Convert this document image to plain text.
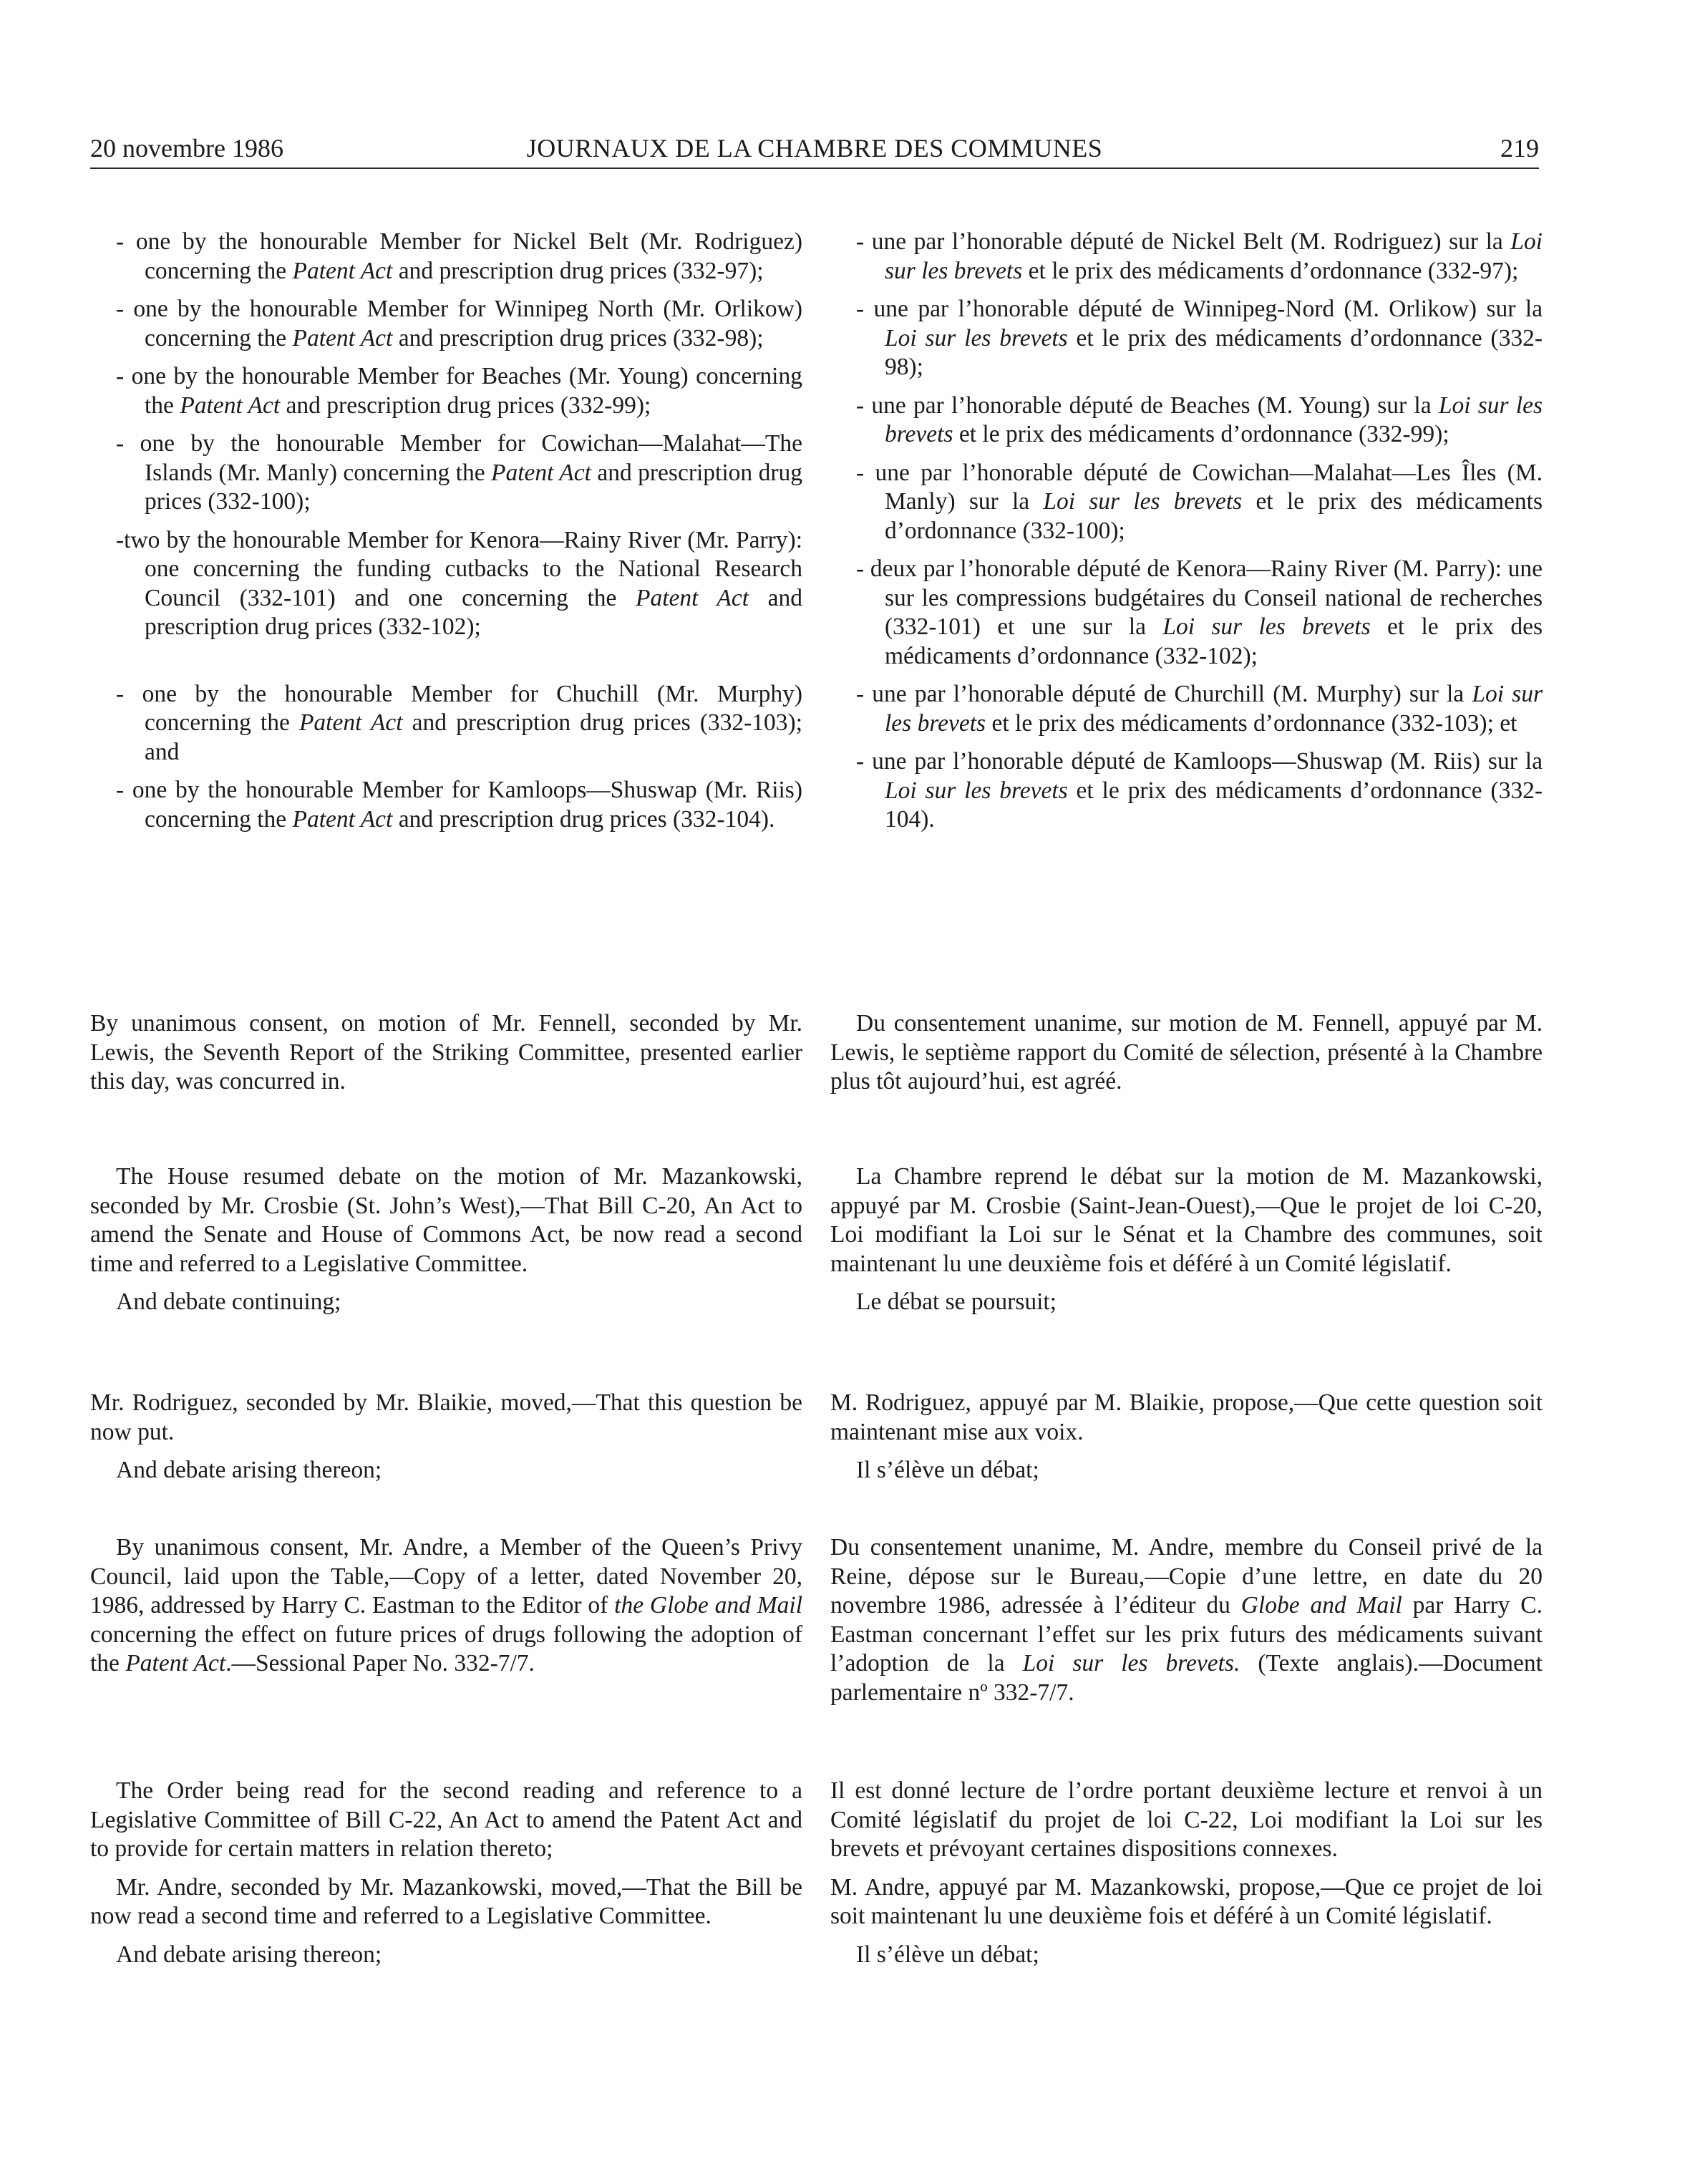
20 novembre 1986	JOURNAUX DE LA CHAMBRE DES COMMUNES	219

- one by the honourable Member for Nickel Belt (Mr. Rodriguez) concerning the Patent Act and prescription drug prices (332-97);

- one by the honourable Member for Winnipeg North (Mr. Orlikow) concerning the Patent Act and prescription drug prices (332-98);

- one by the honourable Member for Beaches (Mr. Young) concerning the Patent Act and prescription drug prices (332-99);

- one by the honourable Member for Cowichan—Malahat—The Islands (Mr. Manly) concerning the Patent Act and prescription drug prices (332-100);

-two by the honourable Member for Kenora—Rainy River (Mr. Parry): one concerning the funding cutbacks to the National Research Council (332-101) and one concerning the Patent Act and prescription drug prices (332-102);

- one by the honourable Member for Chuchill (Mr. Murphy) concerning the Patent Act and prescription drug prices (332-103); and

- one by the honourable Member for Kamloops—Shuswap (Mr. Riis) concerning the Patent Act and prescription drug prices (332-104).

By unanimous consent, on motion of Mr. Fennell, seconded by Mr. Lewis, the Seventh Report of the Striking Committee, presented earlier this day, was concurred in.

The House resumed debate on the motion of Mr. Mazankowski, seconded by Mr. Crosbie (St. John’s West),—That Bill C-20, An Act to amend the Senate and House of Commons Act, be now read a second time and referred to a Legislative Committee.

And debate continuing;

Mr. Rodriguez, seconded by Mr. Blaikie, moved,—That this question be now put.

And debate arising thereon;

By unanimous consent, Mr. Andre, a Member of the Queen’s Privy Council, laid upon the Table,—Copy of a letter, dated November 20, 1986, addressed by Harry C. Eastman to the Editor of the Globe and Mail concerning the effect on future prices of drugs following the adoption of the Patent Act.—Sessional Paper No. 332-7/7.

The Order being read for the second reading and reference to a Legislative Committee of Bill C-22, An Act to amend the Patent Act and to provide for certain matters in relation thereto;

Mr. Andre, seconded by Mr. Mazankowski, moved,—That the Bill be now read a second time and referred to a Legislative Committee.

And debate arising thereon;

- une par l’honorable député de Nickel Belt (M. Rodriguez) sur la Loi sur les brevets et le prix des médicaments d’ordonnance (332-97);

- une par l’honorable député de Winnipeg-Nord (M. Orlikow) sur la Loi sur les brevets et le prix des médicaments d’ordonnance (332-98);

- une par l’honorable député de Beaches (M. Young) sur la Loi sur les brevets et le prix des médicaments d’ordonnance (332-99);

- une par l’honorable député de Cowichan—Malahat—Les Îles (M. Manly) sur la Loi sur les brevets et le prix des médicaments d’ordonnance (332-100);

- deux par l’honorable député de Kenora—Rainy River (M. Parry): une sur les compressions budgétaires du Conseil national de recherches (332-101) et une sur la Loi sur les brevets et le prix des médicaments d’ordonnance (332-102);

- une par l’honorable député de Churchill (M. Murphy) sur la Loi sur les brevets et le prix des médicaments d’ordonnance (332-103); et

- une par l’honorable député de Kamloops—Shuswap (M. Riis) sur la Loi sur les brevets et le prix des médicaments d’ordonnance (332-104).

Du consentement unanime, sur motion de M. Fennell, appuyé par M. Lewis, le septième rapport du Comité de sélection, présenté à la Chambre plus tôt aujourd’hui, est agréé.

La Chambre reprend le débat sur la motion de M. Mazankowski, appuyé par M. Crosbie (Saint-Jean-Ouest),—Que le projet de loi C-20, Loi modifiant la Loi sur le Sénat et la Chambre des communes, soit maintenant lu une deuxième fois et déféré à un Comité législatif.

Le débat se poursuit;

M. Rodriguez, appuyé par M. Blaikie, propose,—Que cette question soit maintenant mise aux voix.

Il s’élève un débat;

Du consentement unanime, M. Andre, membre du Conseil privé de la Reine, dépose sur le Bureau,—Copie d’une lettre, en date du 20 novembre 1986, adressée à l’éditeur du Globe and Mail par Harry C. Eastman concernant l’effet sur les prix futurs des médicaments suivant l’adoption de la Loi sur les brevets. (Texte anglais).—Document parlementaire nº 332-7/7.

Il est donné lecture de l’ordre portant deuxième lecture et renvoi à un Comité législatif du projet de loi C-22, Loi modifiant la Loi sur les brevets et prévoyant certaines dispositions connexes.

M. Andre, appuyé par M. Mazankowski, propose,—Que ce projet de loi soit maintenant lu une deuxième fois et déféré à un Comité législatif.

Il s’élève un débat;
